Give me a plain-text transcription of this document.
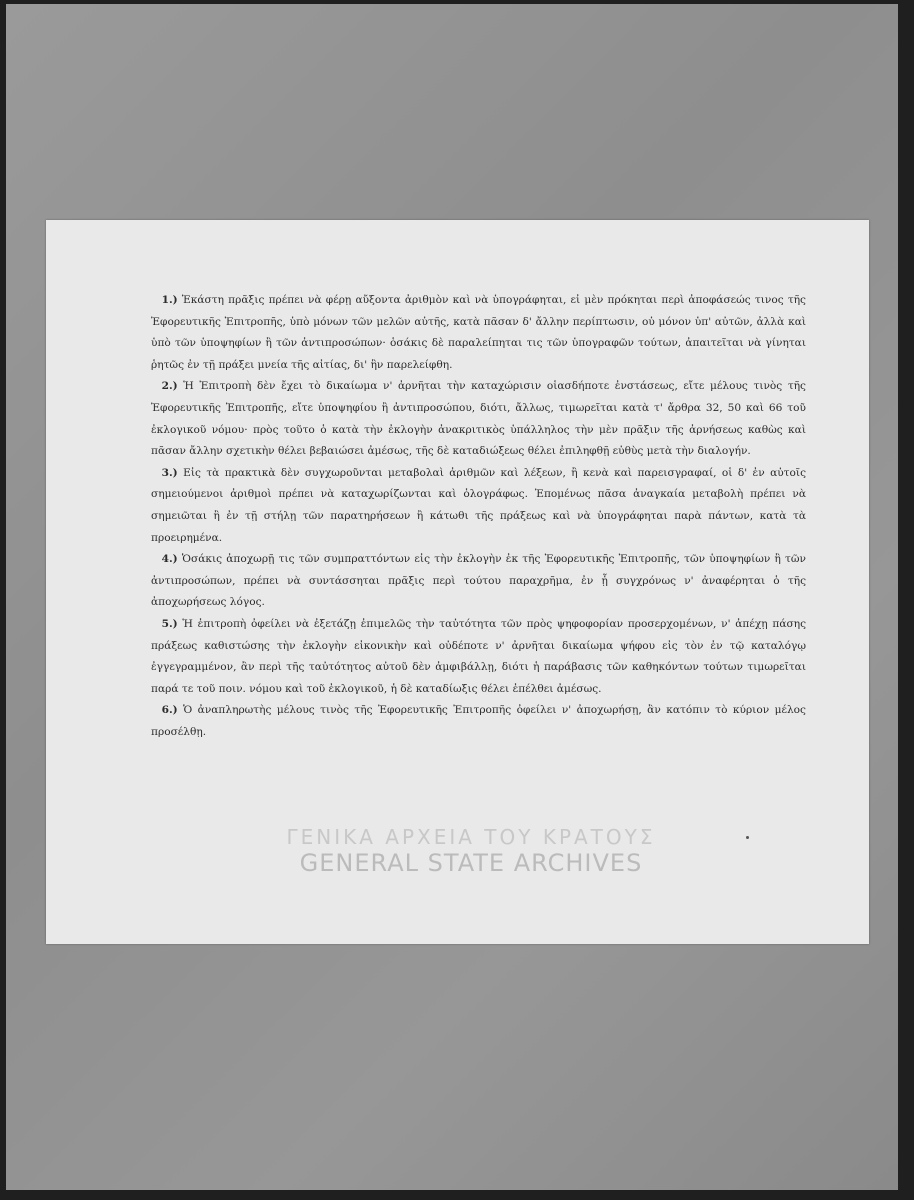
 1.) Ἑκάστη πρᾶξις πρέπει νὰ φέρῃ αὔξοντα ἀριθμὸν καὶ νὰ ὑπογράφηται, εἰ μὲν πρόκηται περὶ ἀποφάσεώς τινος τῆς Ἐφορευτικῆς Ἐπιτροπῆς, ὑπὸ μόνων τῶν μελῶν αὐτῆς, κατὰ πᾶσαν δ' ἄλλην περίπτωσιν, οὐ μόνον ὑπ' αὐτῶν, ἀλλὰ καὶ ὑπὸ τῶν ὑποψηφίων ἢ τῶν ἀντιπροσώπων· ὁσάκις δὲ παραλείπηται τις τῶν ὑπογραφῶν τούτων, ἀπαιτεῖται νὰ γίνηται ῥητῶς ἐν τῇ πράξει μνεία τῆς αἰτίας, δι' ἣν παρελείφθη.

 2.) Ἡ Ἐπιτροπὴ δὲν ἔχει τὸ δικαίωμα ν' ἀρνῆται τὴν καταχώρισιν οἱασδήποτε ἐνστάσεως, εἴτε μέλους τινὸς τῆς Ἐφορευτικῆς Ἐπιτροπῆς, εἴτε ὑποψηφίου ἢ ἀντιπροσώπου, διότι, ἄλλως, τιμωρεῖται κατὰ τ' ἄρθρα 32, 50 καὶ 66 τοῦ ἐκλογικοῦ νόμου· πρὸς τοῦτο ὁ κατὰ τὴν ἐκλογὴν ἀνακριτικὸς ὑπάλληλος τὴν μὲν πρᾶξιν τῆς ἀρνήσεως καθὼς καὶ πᾶσαν ἄλλην σχετικὴν θέλει βεβαιώσει ἀμέσως, τῆς δὲ καταδιώξεως θέλει ἐπιληφθῇ εὐθὺς μετὰ τὴν διαλογήν.

 3.) Εἰς τὰ πρακτικὰ δὲν συγχωροῦνται μεταβολαὶ ἀριθμῶν καὶ λέξεων, ἢ κενὰ καὶ παρεισγραφαί, οἱ δ' ἐν αὐτοῖς σημειούμενοι ἀριθμοὶ πρέπει νὰ καταχωρίζωνται καὶ ὁλογράφως. Ἐπομένως πᾶσα ἀναγκαία μεταβολὴ πρέπει νὰ σημειῶται ἢ ἐν τῇ στήλῃ τῶν παρατηρήσεων ἢ κάτωθι τῆς πράξεως καὶ νὰ ὑπογράφηται παρὰ πάντων, κατὰ τὰ προειρημένα.

 4.) Ὁσάκις ἀποχωρῇ τις τῶν συμπραττόντων εἰς τὴν ἐκλογὴν ἐκ τῆς Ἐφορευτικῆς Ἐπιτροπῆς, τῶν ὑποψηφίων ἢ τῶν ἀντιπροσώπων, πρέπει νὰ συντάσσηται πρᾶξις περὶ τούτου παραχρῆμα, ἐν ᾗ συγχρόνως ν' ἀναφέρηται ὁ τῆς ἀποχωρήσεως λόγος.

 5.) Ἡ ἐπιτροπὴ ὀφείλει νὰ ἐξετάζῃ ἐπιμελῶς τὴν ταὐτότητα τῶν πρὸς ψηφοφορίαν προσερχομένων, ν' ἀπέχῃ πάσης πράξεως καθιστώσης τὴν ἐκλογὴν εἰκονικὴν καὶ οὐδέποτε ν' ἀρνῆται δικαίωμα ψήφου εἰς τὸν ἐν τῷ καταλόγῳ ἐγγεγραμμένον, ἂν περὶ τῆς ταὐτότητος αὐτοῦ δὲν ἀμφιβάλλῃ, διότι ἡ παράβασις τῶν καθηκόντων τούτων τιμωρεῖται παρά τε τοῦ ποιν. νόμου καὶ τοῦ ἐκλογικοῦ, ἡ δὲ καταδίωξις θέλει ἐπέλθει ἀμέσως.

 6.) Ὁ ἀναπληρωτὴς μέλους τινὸς τῆς Ἐφορευτικῆς Ἐπιτροπῆς ὀφείλει ν' ἀποχωρήσῃ, ἂν κατόπιν τὸ κύριον μέλος προσέλθῃ.

ΓΕΝΙΚΑ ΑΡΧΕΙΑ ΤΟΥ ΚΡΑΤΟΥΣ
GENERAL STATE ARCHIVES
